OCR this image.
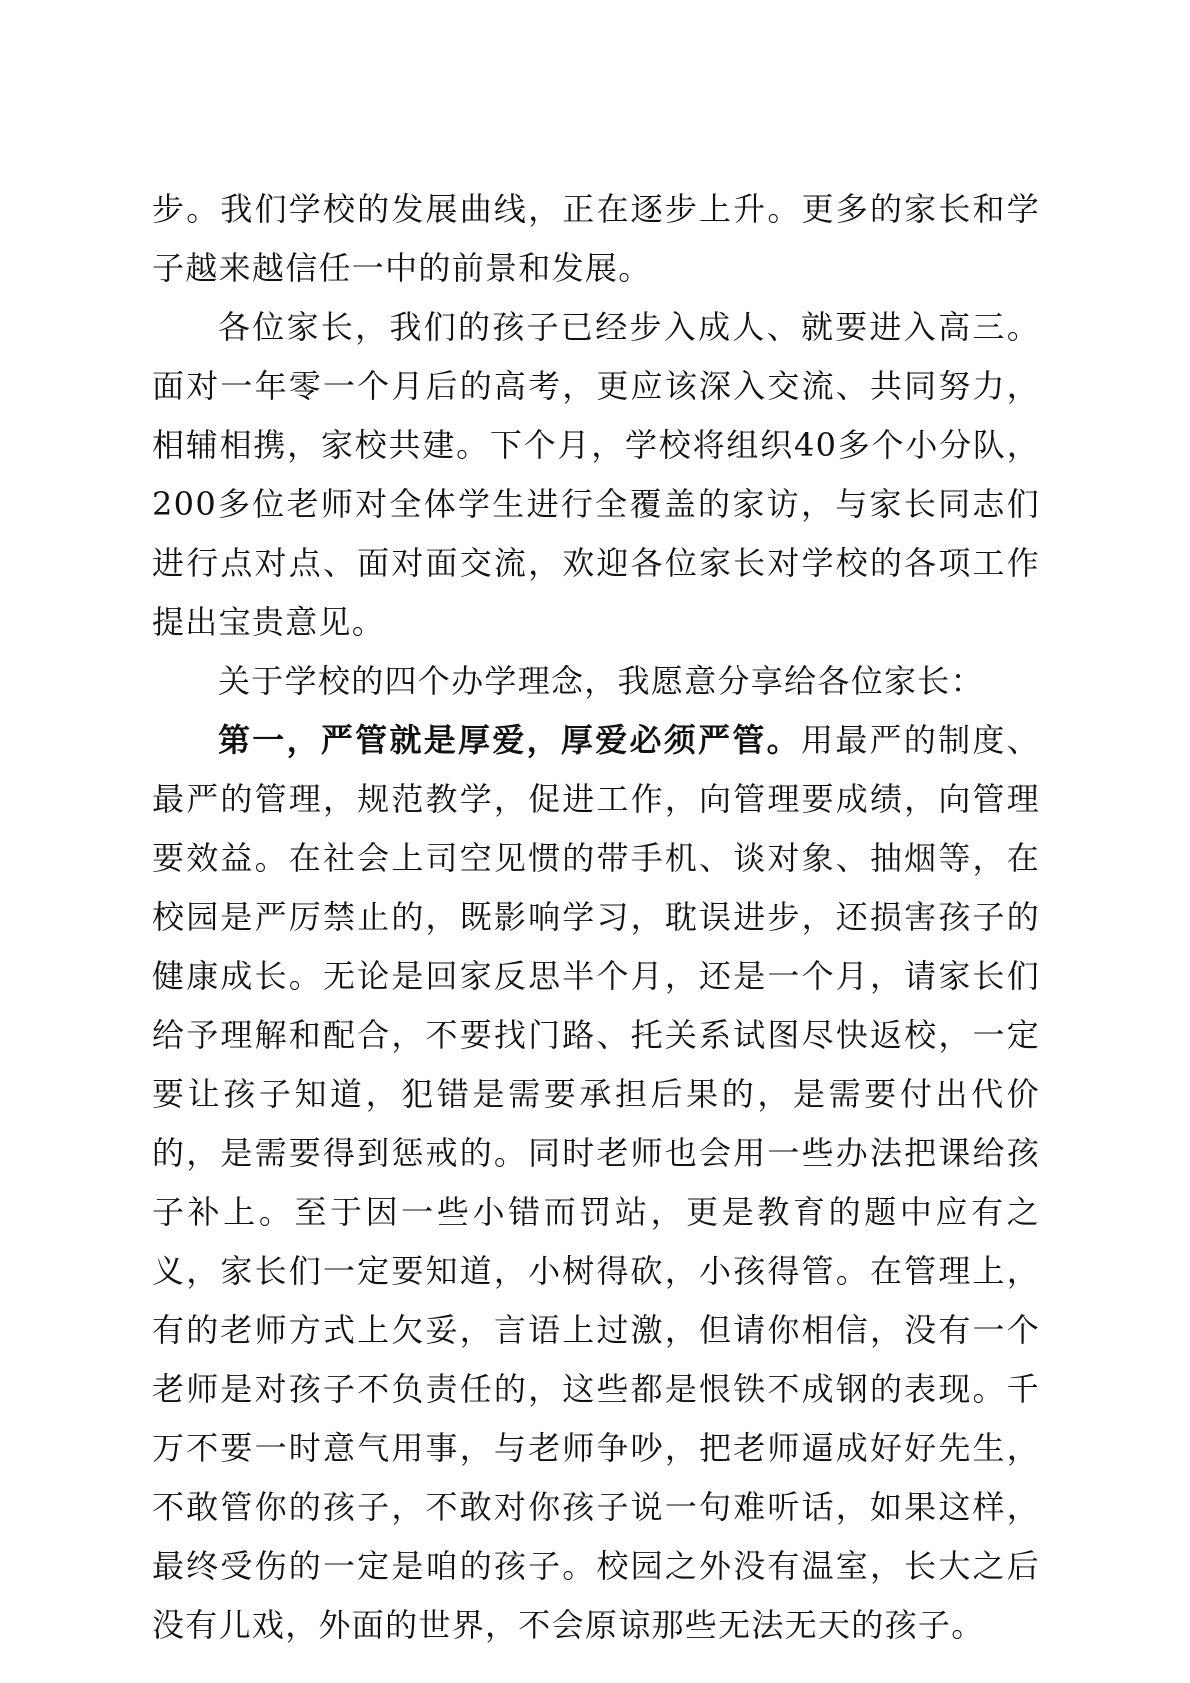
步。我们学校的发展曲线，正在逐步上升。更多的家长和学子越来越信任一中的前景和发展。

各位家长，我们的孩子已经步入成人、就要进入高三。面对一年零一个月后的高考，更应该深入交流、共同努力，相辅相携，家校共建。下个月，学校将组织40多个小分队，200多位老师对全体学生进行全覆盖的家访，与家长同志们进行点对点、面对面交流，欢迎各位家长对学校的各项工作提出宝贵意见。

关于学校的四个办学理念，我愿意分享给各位家长：

第一，严管就是厚爱，厚爱必须严管。用最严的制度、最严的管理，规范教学，促进工作，向管理要成绩，向管理要效益。在社会上司空见惯的带手机、谈对象、抽烟等，在校园是严厉禁止的，既影响学习，耽误进步，还损害孩子的健康成长。无论是回家反思半个月，还是一个月，请家长们给予理解和配合，不要找门路、托关系试图尽快返校，一定要让孩子知道，犯错是需要承担后果的，是需要付出代价的，是需要得到惩戒的。同时老师也会用一些办法把课给孩子补上。至于因一些小错而罚站，更是教育的题中应有之义，家长们一定要知道，小树得砍，小孩得管。在管理上，有的老师方式上欠妥，言语上过激，但请你相信，没有一个老师是对孩子不负责任的，这些都是恨铁不成钢的表现。千万不要一时意气用事，与老师争吵，把老师逼成好好先生，不敢管你的孩子，不敢对你孩子说一句难听话，如果这样，最终受伤的一定是咱的孩子。校园之外没有温室，长大之后没有儿戏，外面的世界，不会原谅那些无法无天的孩子。
